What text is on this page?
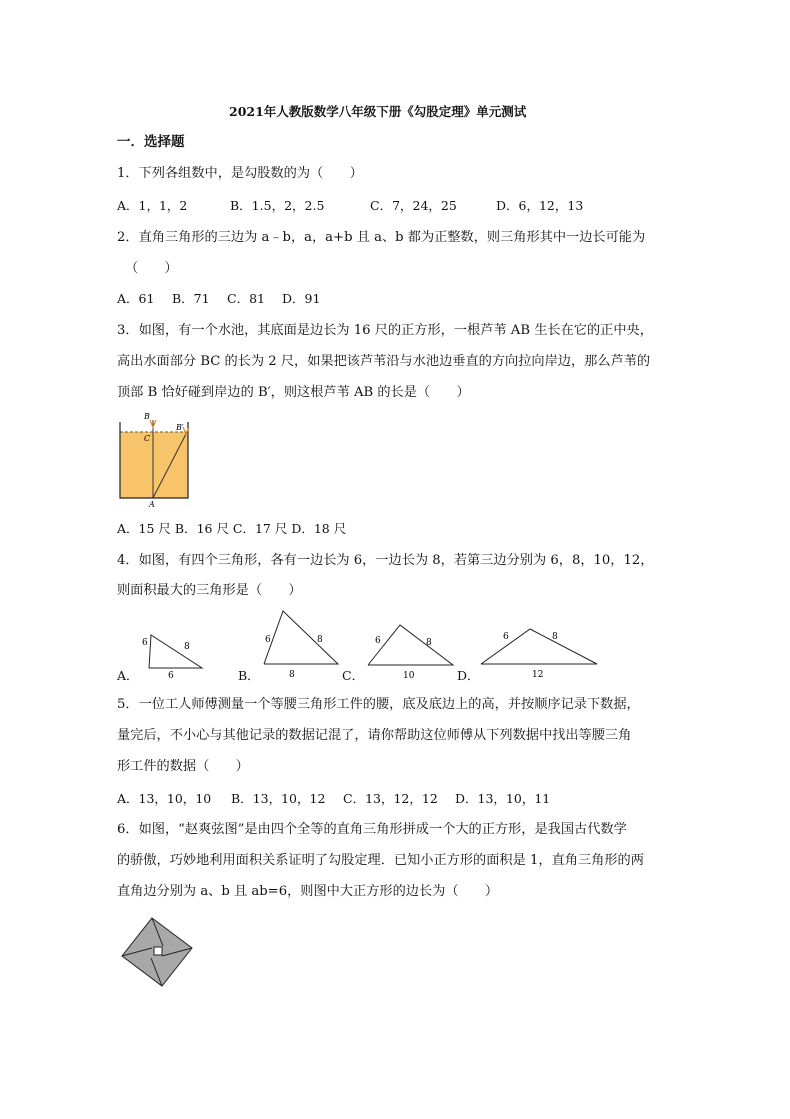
2021年人教版数学八年级下册《勾股定理》单元测试
一．选择题
1．下列各组数中，是勾股数的为（　　）
A．1，1，2	B．1.5，2，2.5	C．7，24，25	D．6，12，13
2．直角三角形的三边为 a﹣b，a，a+b 且 a、b 都为正整数，则三角形其中一边长可能为
（　　）
A．61 B．71 C．81 D．91
3．如图，有一个水池，其底面是边长为 16 尺的正方形，一根芦苇 AB 生长在它的正中央，
高出水面部分 BC 的长为 2 尺，如果把该芦苇沿与水池边垂直的方向拉向岸边，那么芦苇的
顶部 B 恰好碰到岸边的 B′，则这根芦苇 AB 的长是（　　）
B
C
B′
A
A．15 尺 B．16 尺 C．17 尺 D．18 尺
4．如图，有四个三角形，各有一边长为 6，一边长为 8，若第三边分别为 6，8，10，12，
则面积最大的三角形是（　　）
A．
6	8
6	B．
6	8
8	C．
6	8
10	D．
6	8
12
5．一位工人师傅测量一个等腰三角形工件的腰，底及底边上的高，并按顺序记录下数据，
量完后，不小心与其他记录的数据记混了，请你帮助这位师傅从下列数据中找出等腰三角
形工件的数据（　　）
A．13，10，10 B．13，10，12 C．13，12，12 D．13，10，11
6．如图，“赵爽弦图”是由四个全等的直角三角形拼成一个大的正方形，是我国古代数学
的骄傲，巧妙地利用面积关系证明了勾股定理．已知小正方形的面积是 1，直角三角形的两
直角边分别为 a、b 且 ab=6，则图中大正方形的边长为（　　）
